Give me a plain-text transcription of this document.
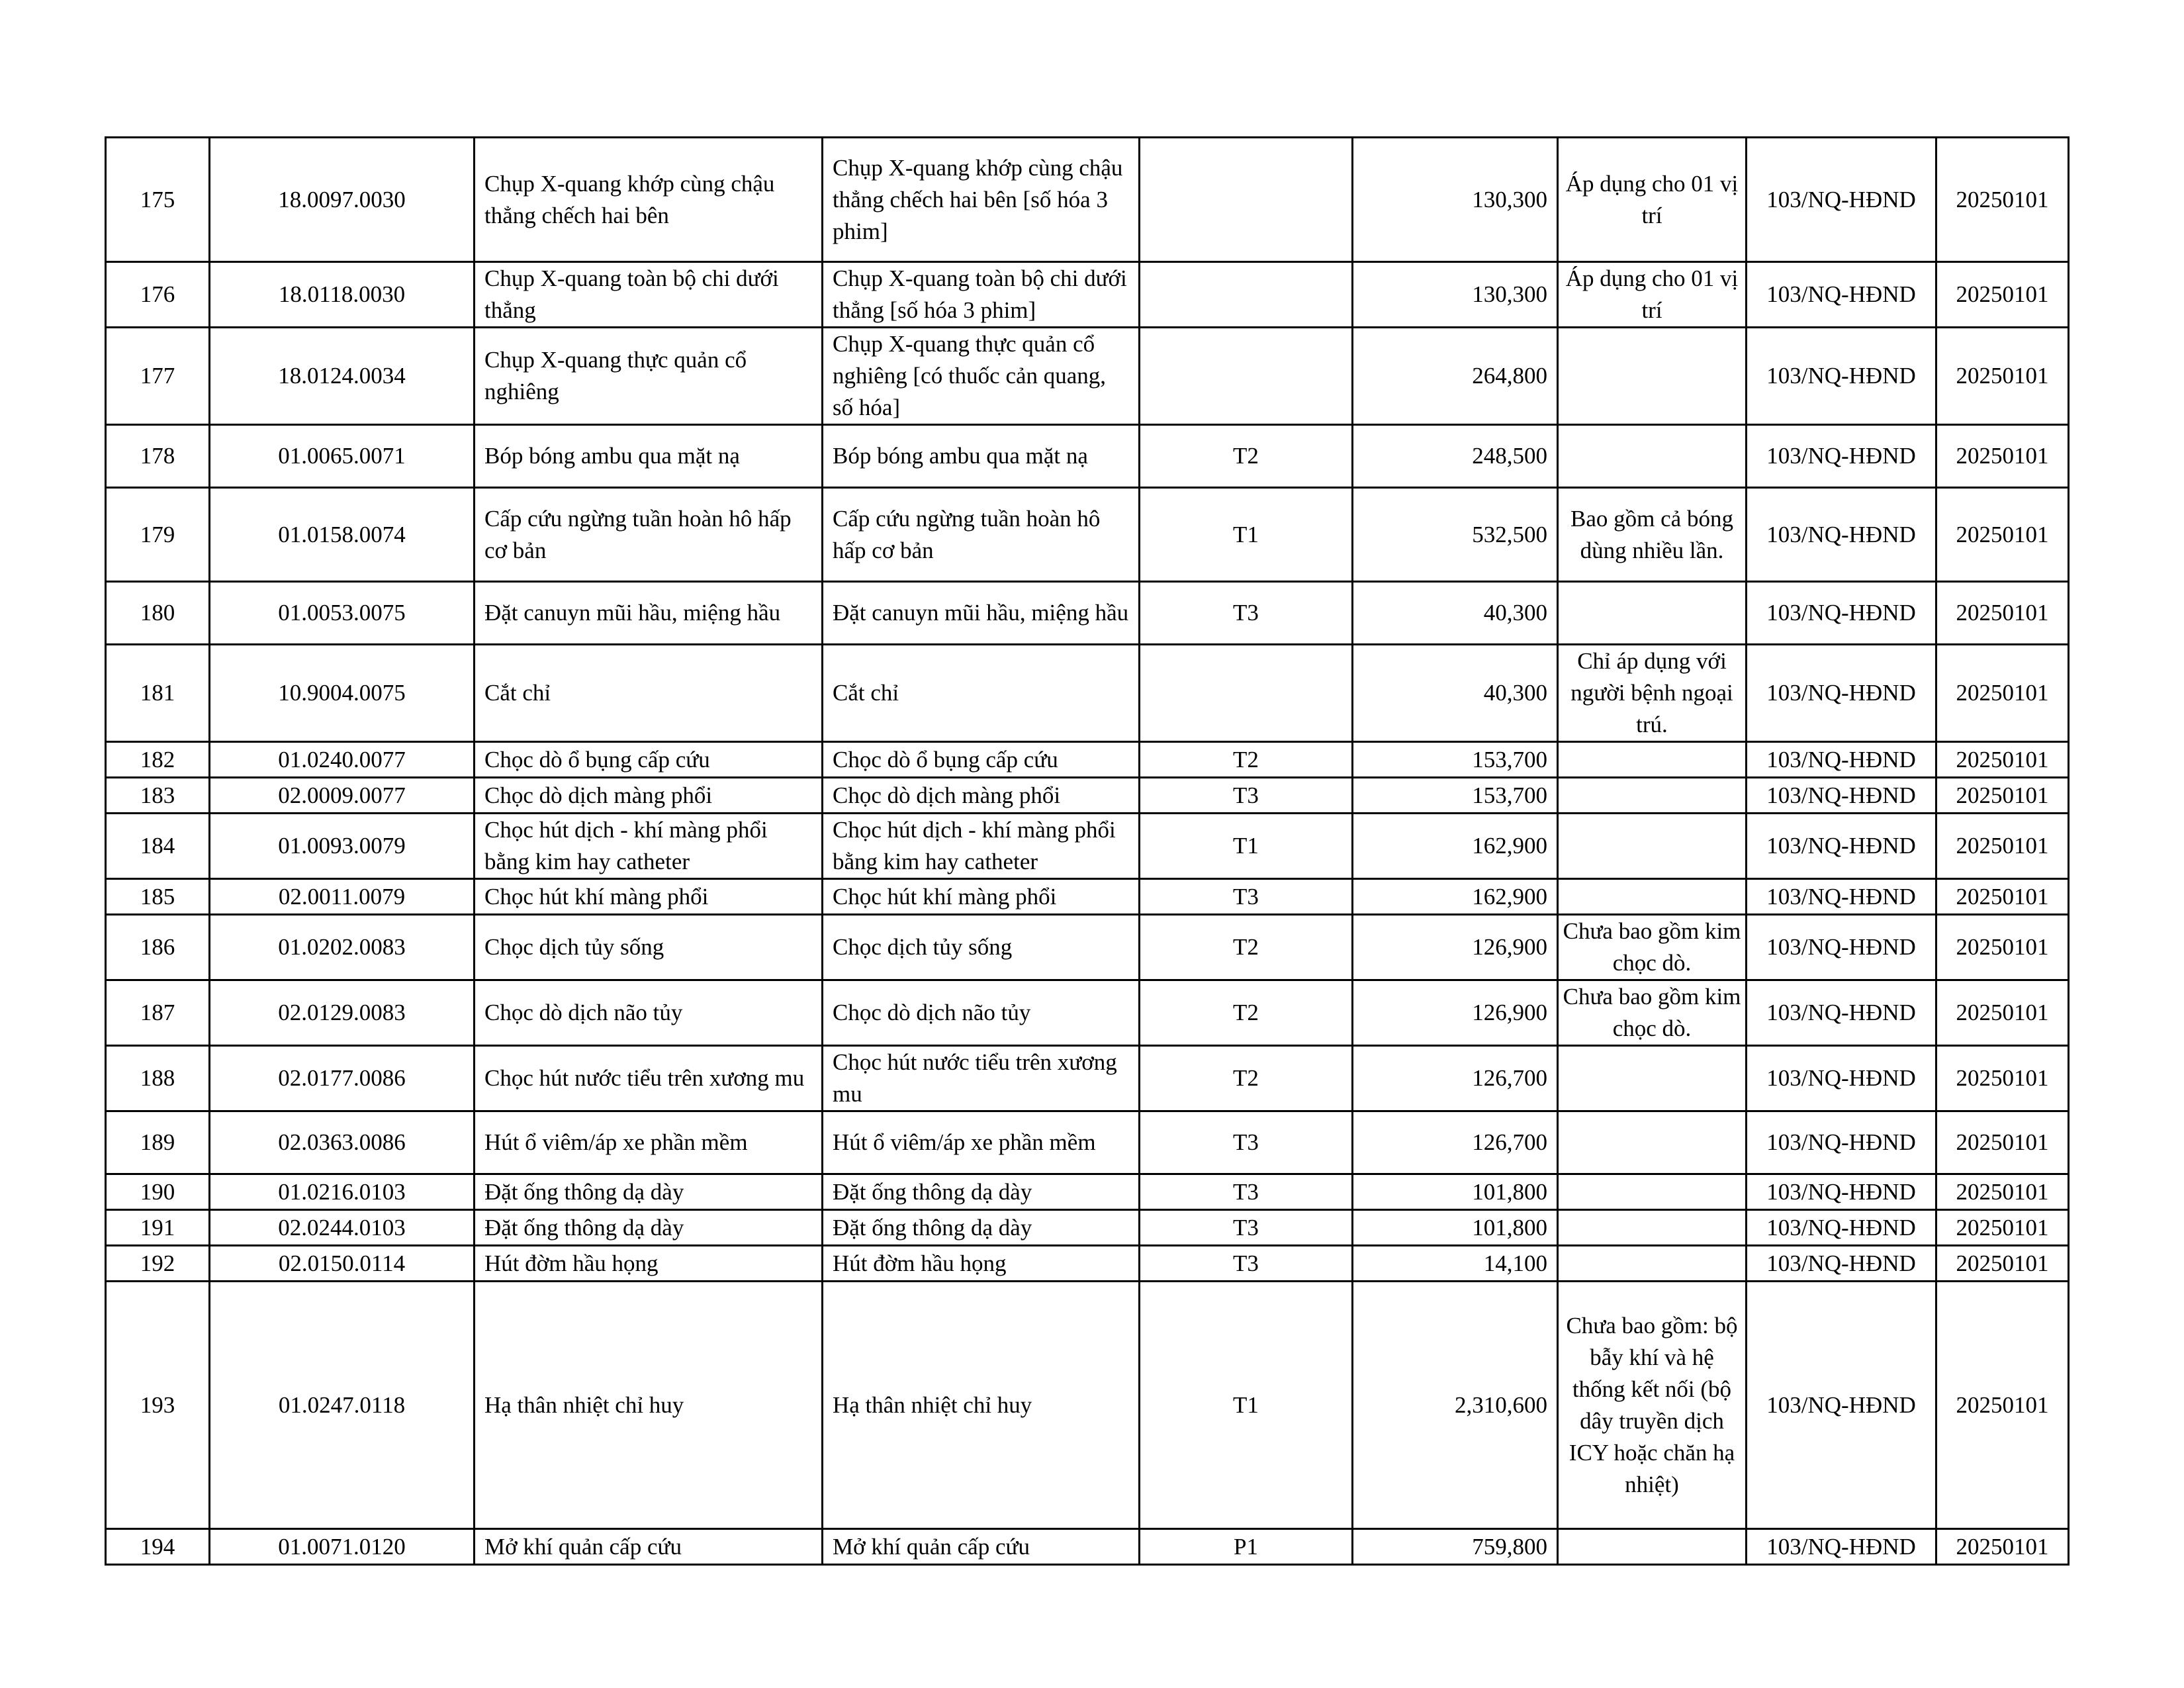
175	18.0097.0030	Chụp X-quang khớp cùng chậu thẳng chếch hai bên	Chụp X-quang khớp cùng chậu thẳng chếch hai bên [số hóa 3 phim]		130,300	Áp dụng cho 01 vị trí	103/NQ-HĐND	20250101
176	18.0118.0030	Chụp X-quang toàn bộ chi dưới thẳng	Chụp X-quang toàn bộ chi dưới thẳng [số hóa 3 phim]		130,300	Áp dụng cho 01 vị trí	103/NQ-HĐND	20250101
177	18.0124.0034	Chụp X-quang thực quản cổ nghiêng	Chụp X-quang thực quản cổ nghiêng [có thuốc cản quang, số hóa]		264,800		103/NQ-HĐND	20250101
178	01.0065.0071	Bóp bóng ambu qua mặt nạ	Bóp bóng ambu qua mặt nạ	T2	248,500		103/NQ-HĐND	20250101
179	01.0158.0074	Cấp cứu ngừng tuần hoàn hô hấp cơ bản	Cấp cứu ngừng tuần hoàn hô hấp cơ bản	T1	532,500	Bao gồm cả bóng dùng nhiều lần.	103/NQ-HĐND	20250101
180	01.0053.0075	Đặt canuyn mũi hầu, miệng hầu	Đặt canuyn mũi hầu, miệng hầu	T3	40,300		103/NQ-HĐND	20250101
181	10.9004.0075	Cắt chỉ	Cắt chỉ		40,300	Chỉ áp dụng với người bệnh ngoại trú.	103/NQ-HĐND	20250101
182	01.0240.0077	Chọc dò ổ bụng cấp cứu	Chọc dò ổ bụng cấp cứu	T2	153,700		103/NQ-HĐND	20250101
183	02.0009.0077	Chọc dò dịch màng phổi	Chọc dò dịch màng phổi	T3	153,700		103/NQ-HĐND	20250101
184	01.0093.0079	Chọc hút dịch - khí màng phổi bằng kim hay catheter	Chọc hút dịch - khí màng phổi bằng kim hay catheter	T1	162,900		103/NQ-HĐND	20250101
185	02.0011.0079	Chọc hút khí màng phổi	Chọc hút khí màng phổi	T3	162,900		103/NQ-HĐND	20250101
186	01.0202.0083	Chọc dịch tủy sống	Chọc dịch tủy sống	T2	126,900	Chưa bao gồm kim chọc dò.	103/NQ-HĐND	20250101
187	02.0129.0083	Chọc dò dịch não tủy	Chọc dò dịch não tủy	T2	126,900	Chưa bao gồm kim chọc dò.	103/NQ-HĐND	20250101
188	02.0177.0086	Chọc hút nước tiểu trên xương mu	Chọc hút nước tiểu trên xương mu	T2	126,700		103/NQ-HĐND	20250101
189	02.0363.0086	Hút ổ viêm/áp xe phần mềm	Hút ổ viêm/áp xe phần mềm	T3	126,700		103/NQ-HĐND	20250101
190	01.0216.0103	Đặt ống thông dạ dày	Đặt ống thông dạ dày	T3	101,800		103/NQ-HĐND	20250101
191	02.0244.0103	Đặt ống thông dạ dày	Đặt ống thông dạ dày	T3	101,800		103/NQ-HĐND	20250101
192	02.0150.0114	Hút đờm hầu họng	Hút đờm hầu họng	T3	14,100		103/NQ-HĐND	20250101
193	01.0247.0118	Hạ thân nhiệt chỉ huy	Hạ thân nhiệt chỉ huy	T1	2,310,600	Chưa bao gồm: bộ bẫy khí và hệ thống kết nối (bộ dây truyền dịch ICY hoặc chăn hạ nhiệt)	103/NQ-HĐND	20250101
194	01.0071.0120	Mở khí quản cấp cứu	Mở khí quản cấp cứu	P1	759,800		103/NQ-HĐND	20250101
